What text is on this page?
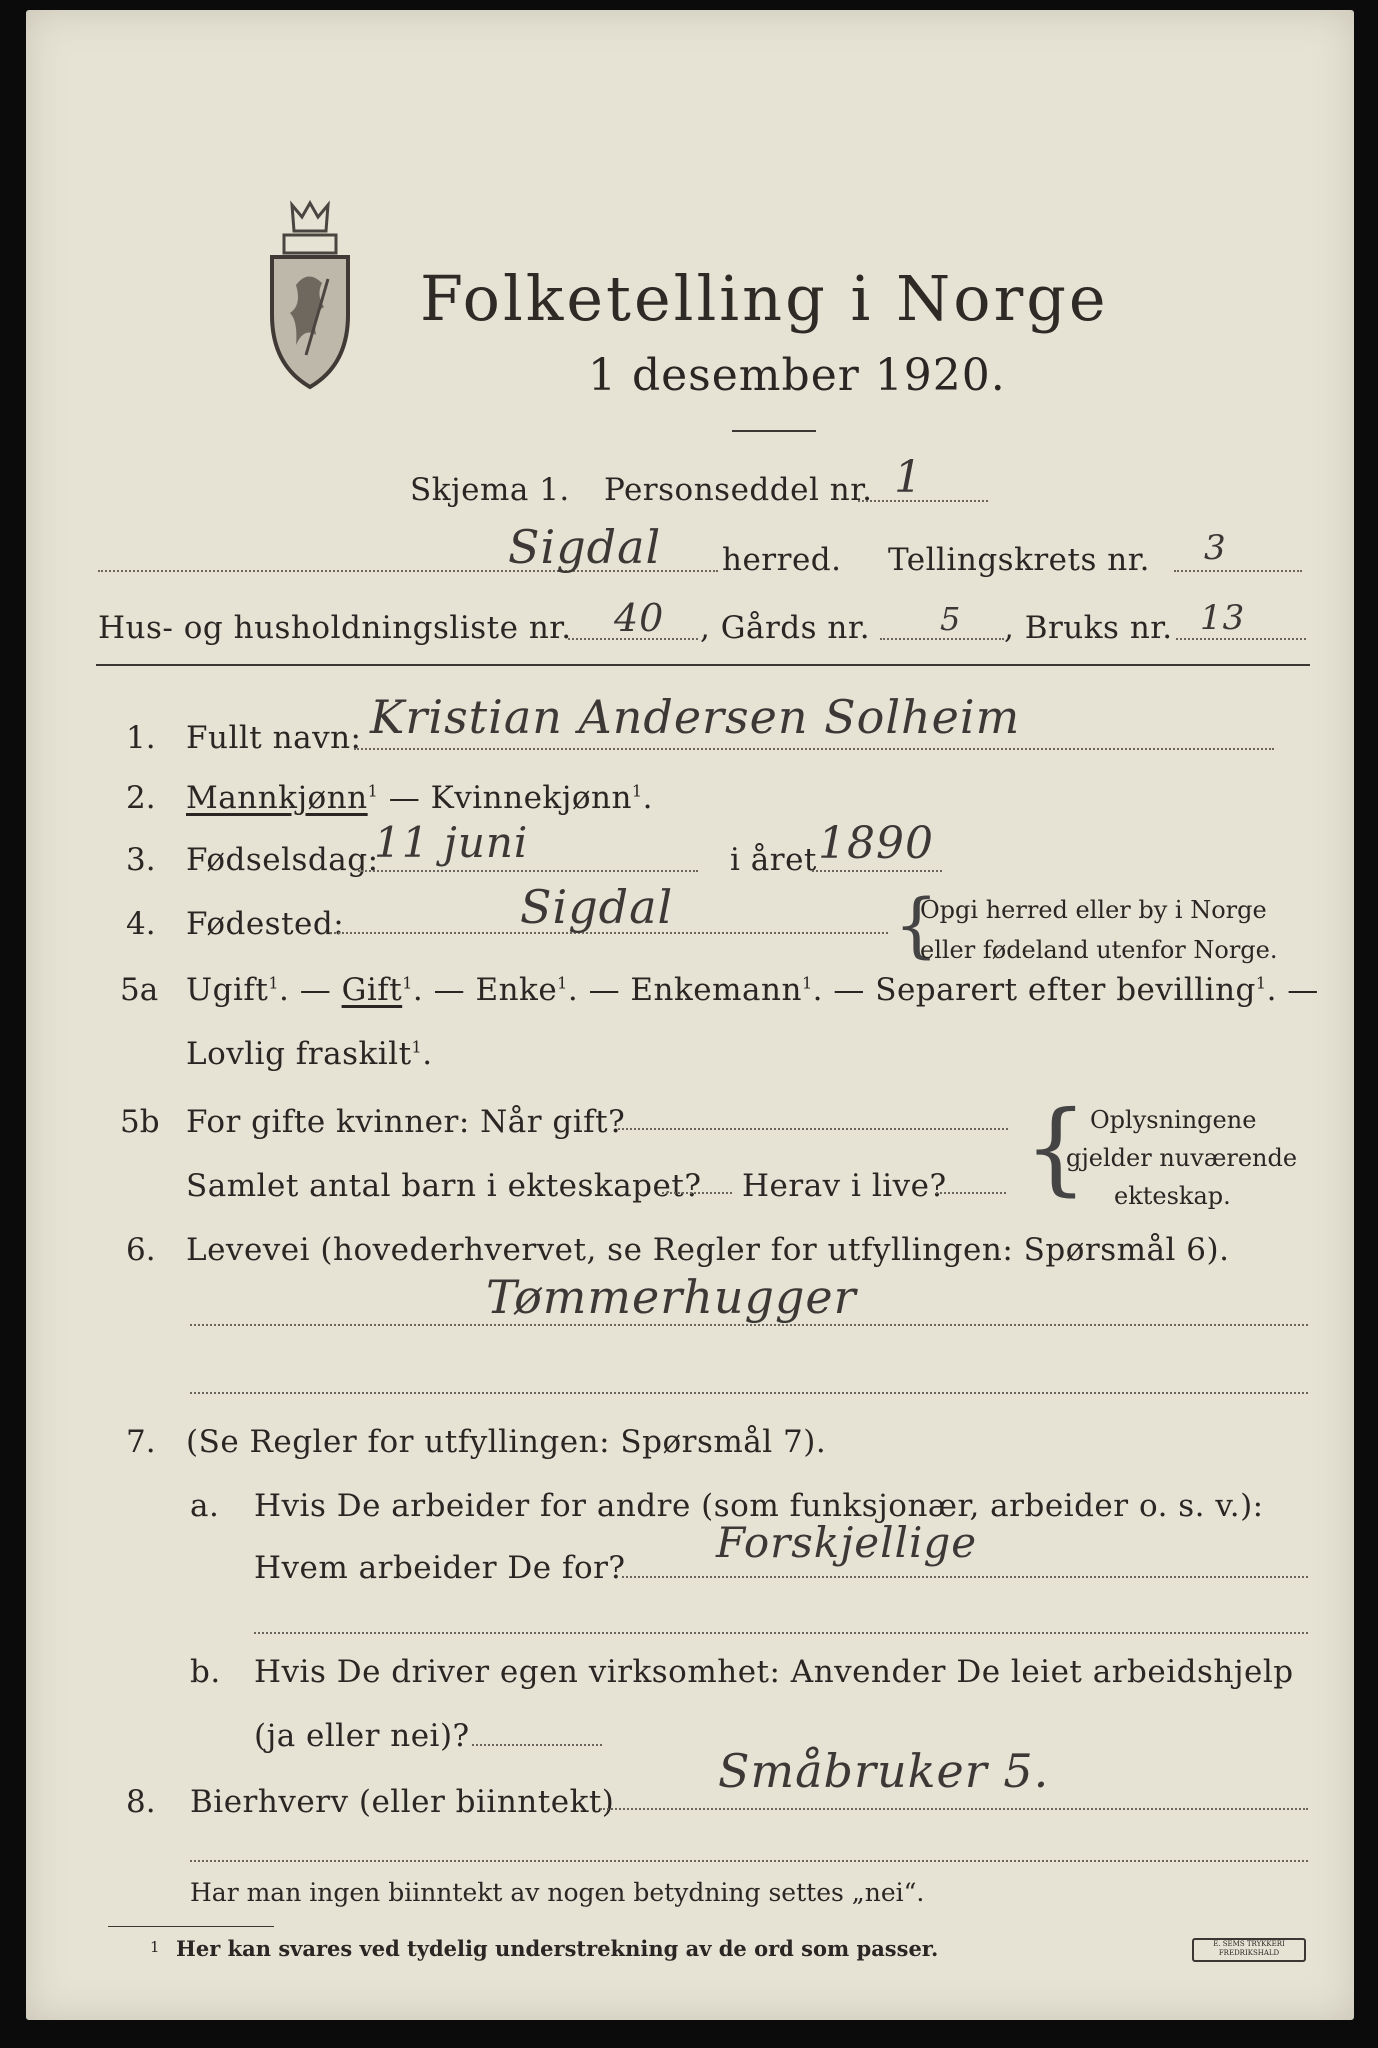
Folketelling i Norge
1 desember 1920.
Skjema 1. Personseddel nr. 1
Sigdal herred. Tellingskrets nr. 3
Hus- og husholdningsliste nr. 40 , Gårds nr. 5 , Bruks nr. 13
1. Fullt navn: Kristian Andersen Solheim
2. Mannkjønn$^1$ — Kvinnekjønn$^1$.
3. Fødselsdag:
11 juni	i året 1890
4. Fødested:	Sigdal	{
Opgi herred eller by i Norge
eller fødeland utenfor Norge.
5a Ugift$^1$. — Gift$^1$. — Enke$^1$. — Enkemann$^1$. — Separert efter bevilling$^1$. —
Lovlig fraskilt$^1$.
5b For gifte kvinner: Når gift?
Samlet antal barn i ekteskapet? Herav i live? { Oplysningene
gjelder nuværende
ekteskap.
6. Levevei (hovederhvervet, se Regler for utfyllingen: Spørsmål 6).
Tømmerhugger
7. (Se Regler for utfyllingen: Spørsmål 7).
a. Hvis De arbeider for andre (som funksjonær, arbeider o. s. v.):
Hvem arbeider De for?
Forskjellige
b. Hvis De driver egen virksomhet: Anvender De leiet arbeidshjelp
(ja eller nei)?
8. Bierhverv (eller biinntekt)
Småbruker 5.
Har man ingen biinntekt av nogen betydning settes „nei“.
1 Her kan svares ved tydelig understrekning av de ord som passer.	E. SEMS TRYKKERI FREDRIKSHALD
